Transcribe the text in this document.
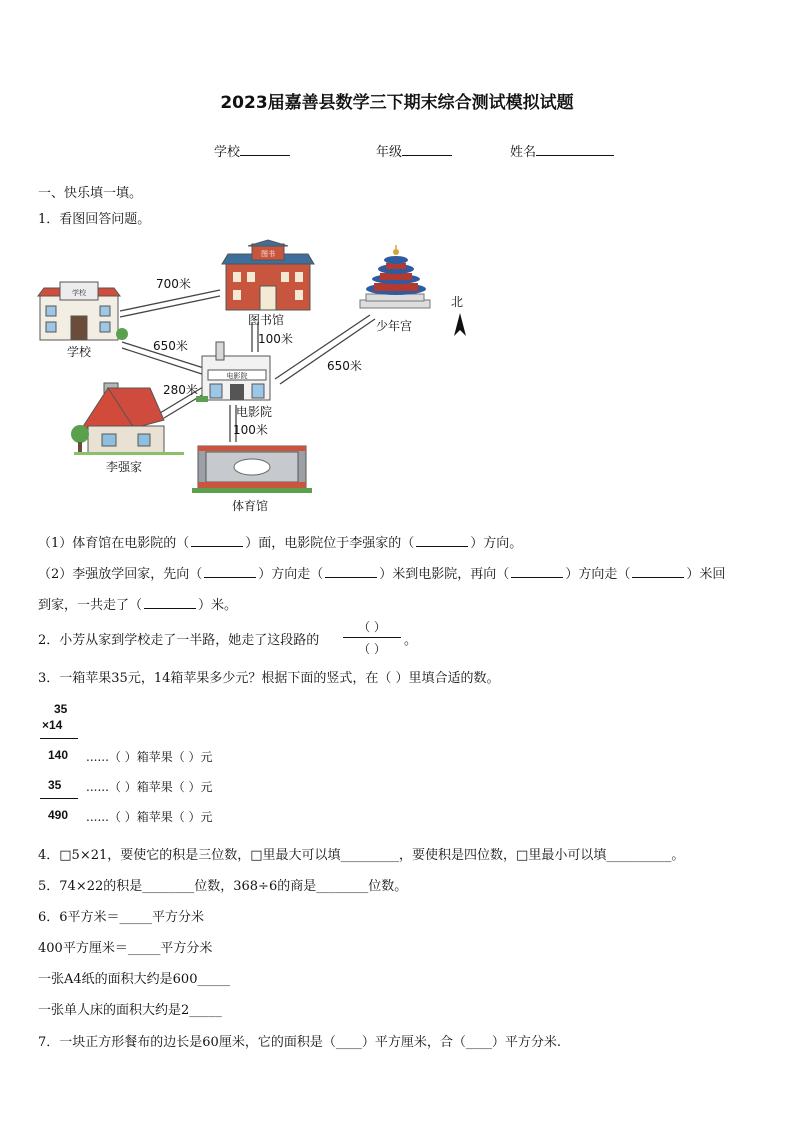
2023届嘉善县数学三下期末综合测试模拟试题
学校	年级	姓名
一、快乐填一填。
1．看图回答问题。
学校
图书
电影院
学校
图书馆	少年宫
电影院
李强家
体育馆
北
700米
650米	100米
650米
280米
100米
（1）体育馆在电影院的（	）面，电影院位于李强家的（	）方向。
（2）李强放学回家，先向（	）方向走（	）米到电影院，再向（	）方向走（	）米回
到家，一共走了（	）米。
2．小芳从家到学校走了一半路，她走了这段路的
（ ）
（ ）
。
3．一箱苹果35元，14箱苹果多少元？根据下面的竖式，在（ ）里填合适的数。
35
×14
140
35
490
......（ ）箱苹果（ ）元
......（ ）箱苹果（ ）元
......（ ）箱苹果（ ）元
4．□5×21，要使它的积是三位数，□里最大可以填_________，要使积是四位数，□里最小可以填__________。
5．74×22的积是________位数，368÷6的商是________位数。
6．6平方米＝_____平方分米
400平方厘米＝_____平方分米
一张A4纸的面积大约是600_____
一张单人床的面积大约是2_____
7．一块正方形餐布的边长是60厘米，它的面积是（____）平方厘米，合（____）平方分米.
